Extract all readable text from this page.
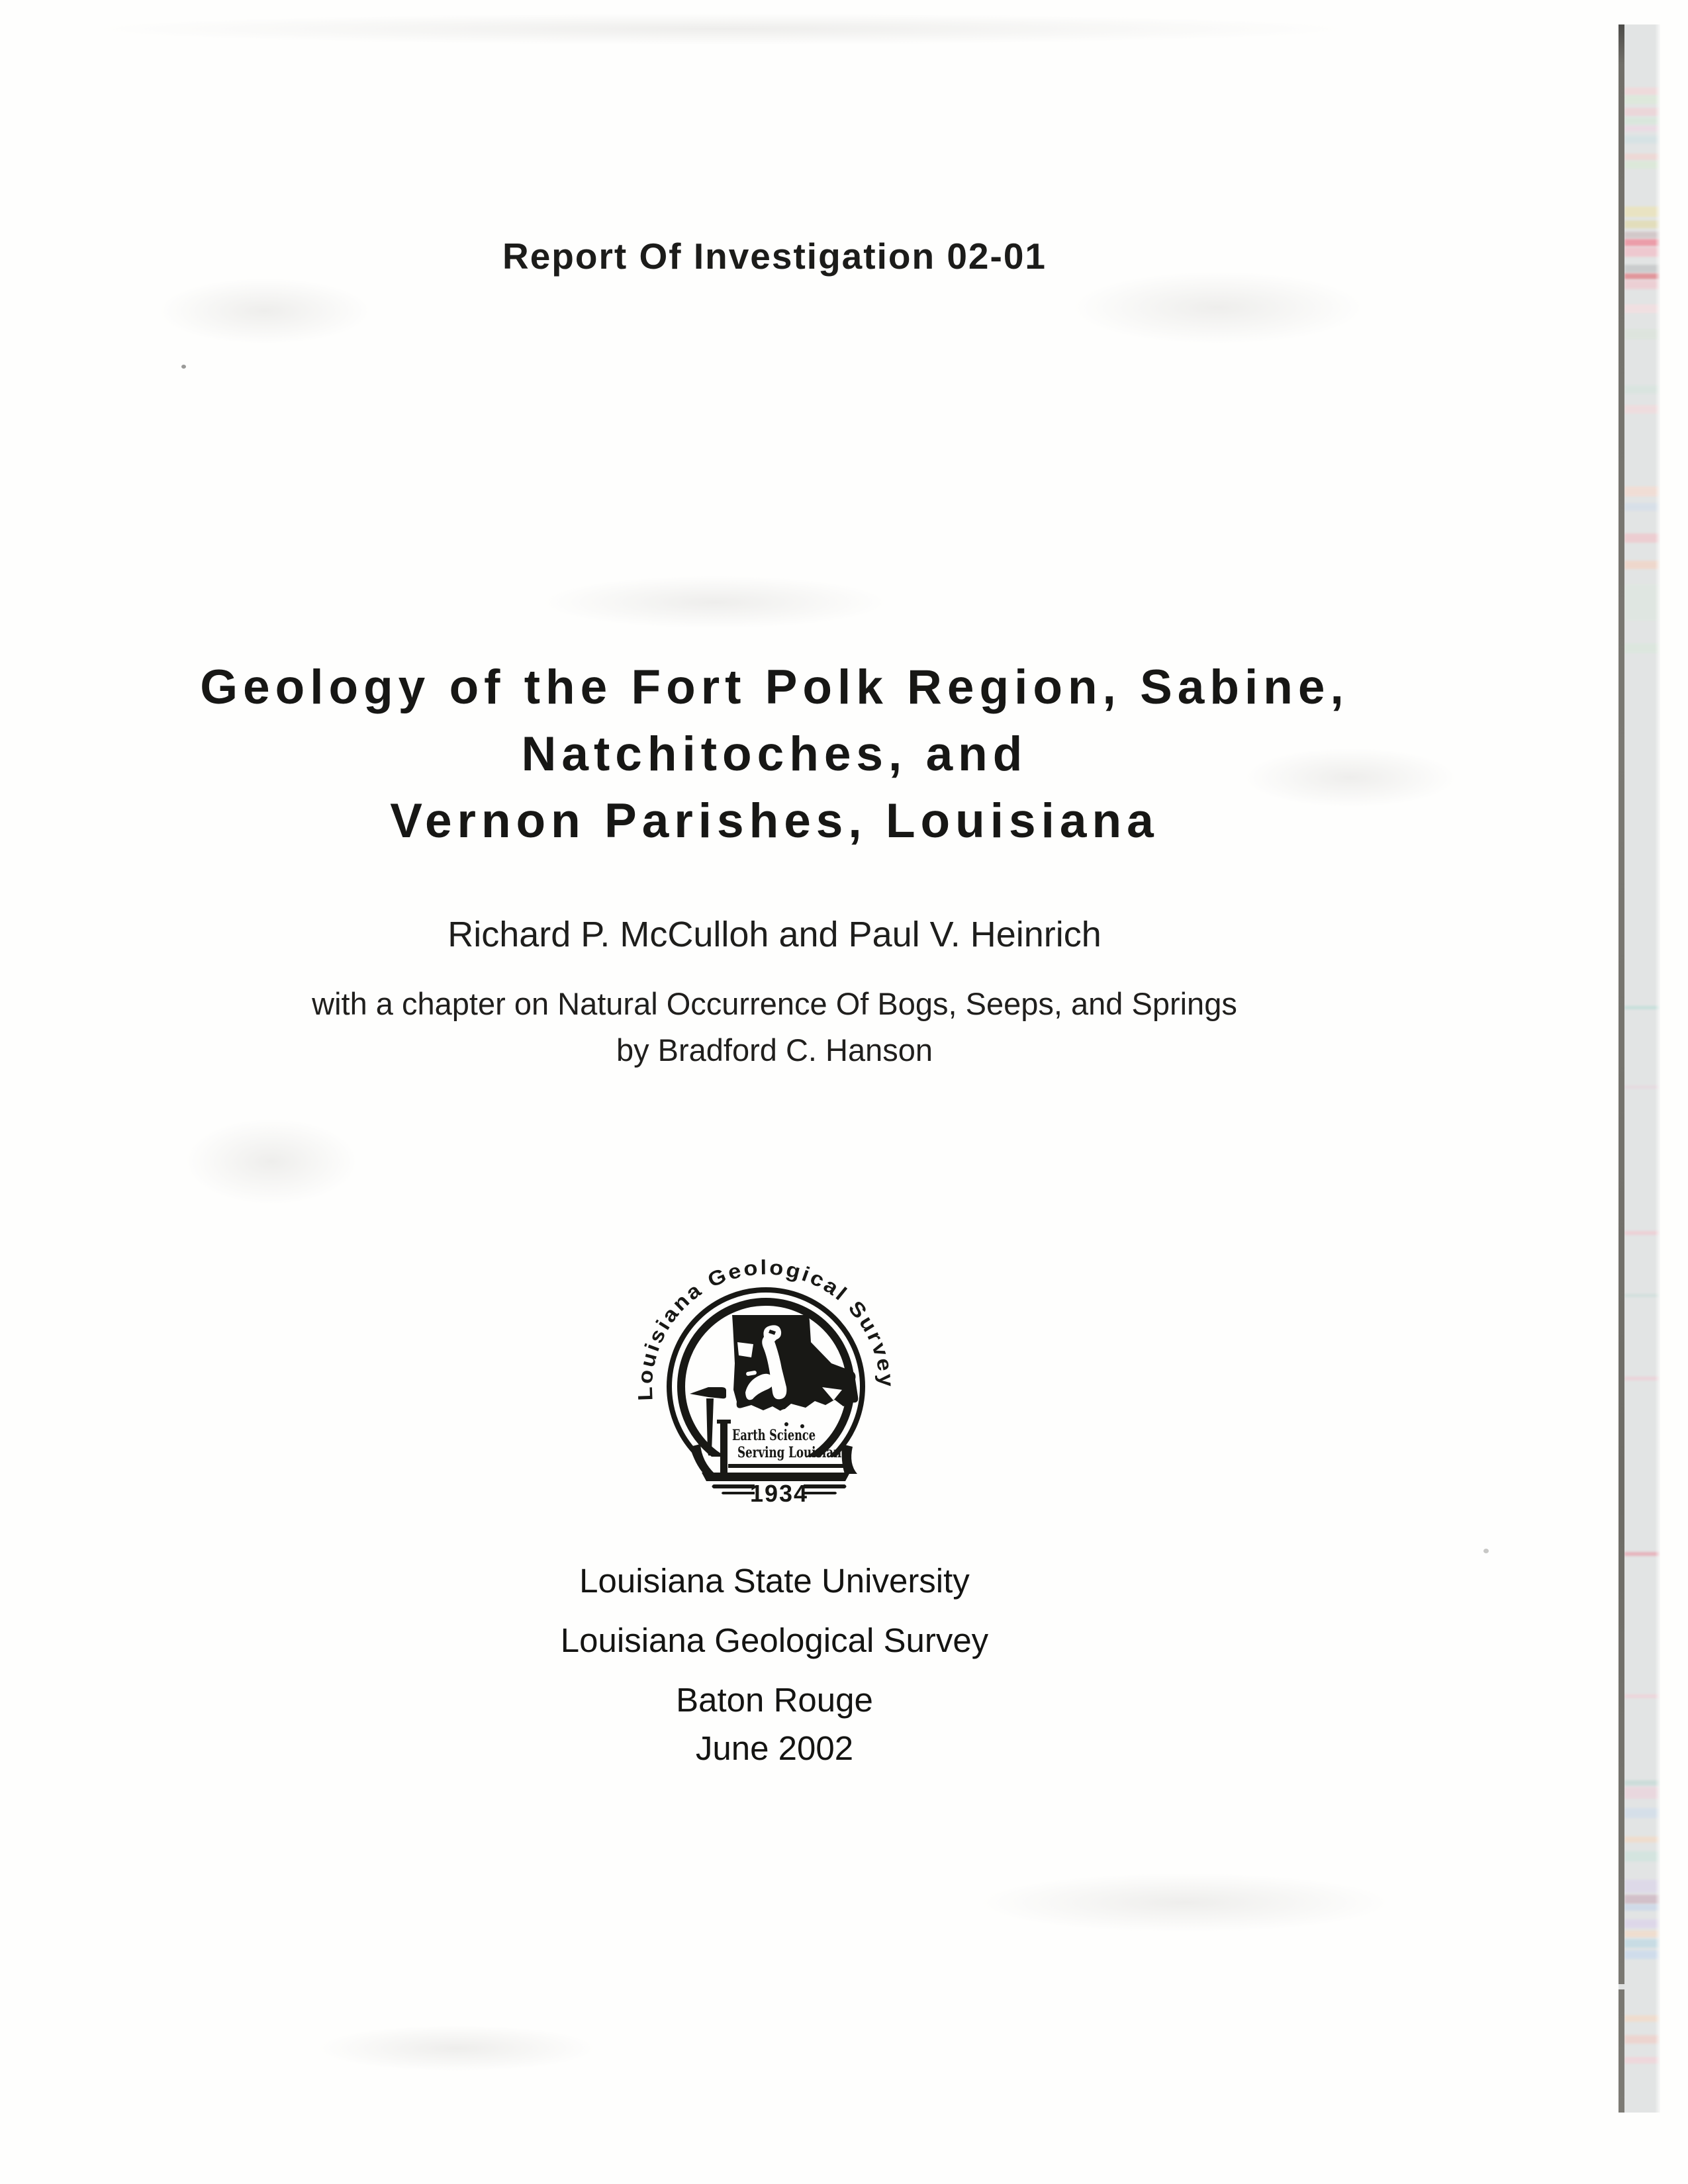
Report Of Investigation 02-01
Geology of the Fort Polk Region, Sabine,
Natchitoches, and
Vernon Parishes, Louisiana
Richard P. McCulloh and Paul V. Heinrich
with a chapter on Natural Occurrence Of Bogs, Seeps, and Springs
by Bradford C. Hanson
Louisiana Geological Survey
Earth Science
Serving Louisiana
1934
Louisiana State University
Louisiana Geological Survey
Baton Rouge
June 2002
